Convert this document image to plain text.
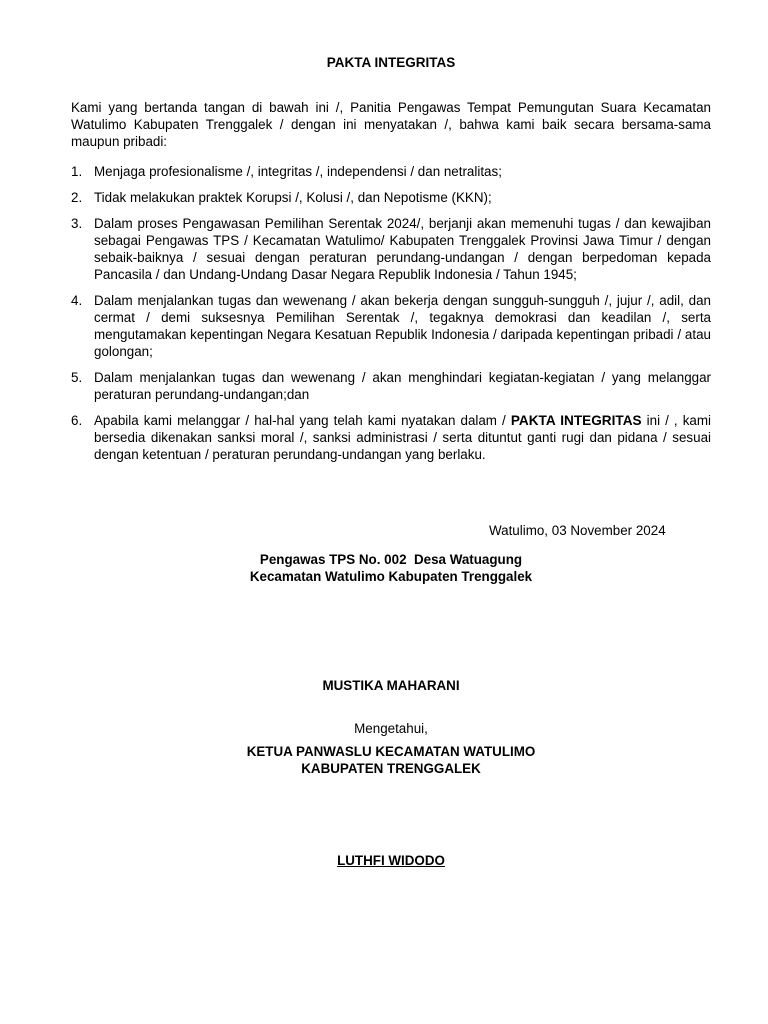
PAKTA INTEGRITAS
Kami yang bertanda tangan di bawah ini /, Panitia Pengawas Tempat Pemungutan Suara Kecamatan Watulimo Kabupaten Trenggalek / dengan ini menyatakan /, bahwa kami baik secara bersama-sama maupun pribadi:
1. Menjaga profesionalisme /, integritas /, independensi / dan netralitas;
2. Tidak melakukan praktek Korupsi /, Kolusi /, dan Nepotisme (KKN);
3. Dalam proses Pengawasan Pemilihan Serentak 2024/, berjanji akan memenuhi tugas / dan kewajiban sebagai Pengawas TPS / Kecamatan Watulimo/ Kabupaten Trenggalek Provinsi Jawa Timur / dengan sebaik-baiknya / sesuai dengan peraturan perundang-undangan / dengan berpedoman kepada Pancasila / dan Undang-Undang Dasar Negara Republik Indonesia / Tahun 1945;
4. Dalam menjalankan tugas dan wewenang / akan bekerja dengan sungguh-sungguh /, jujur /, adil, dan cermat / demi suksesnya Pemilihan Serentak /, tegaknya demokrasi dan keadilan /, serta mengutamakan kepentingan Negara Kesatuan Republik Indonesia / daripada kepentingan pribadi / atau golongan;
5. Dalam menjalankan tugas dan wewenang / akan menghindari kegiatan-kegiatan / yang melanggar peraturan perundang-undangan;dan
6. Apabila kami melanggar / hal-hal yang telah kami nyatakan dalam / PAKTA INTEGRITAS ini / , kami bersedia dikenakan sanksi moral /, sanksi administrasi / serta dituntut ganti rugi dan pidana / sesuai dengan ketentuan / peraturan perundang-undangan yang berlaku.
Watulimo, 03 November 2024
Pengawas TPS No. 002  Desa Watuagung
Kecamatan Watulimo Kabupaten Trenggalek
MUSTIKA MAHARANI
Mengetahui,
KETUA PANWASLU KECAMATAN WATULIMO
KABUPATEN TRENGGALEK
LUTHFI WIDODO
